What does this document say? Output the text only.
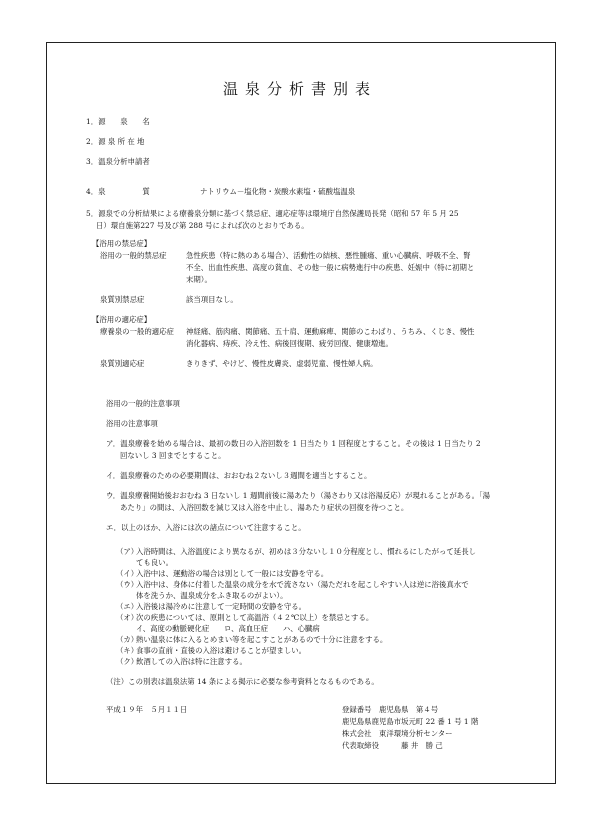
温泉分析書別表
1．源　　泉　　名
2．源 泉 所 在 地
3．温泉分析申請者
4．泉　　　　　質	ナトリウム－塩化物・炭酸水素塩・硫酸塩温泉
5．源泉での分析結果による療養泉分類に基づく禁忌症、適応症等は環境庁自然保護局長発（昭和 57 年 5 月 25
日）環自施第227 号及び第 288 号によれば次のとおりである。
【浴用の禁忌症】
浴用の一般的禁忌症	急性疾患（特に熱のある場合）、活動性の結核、悪性腫瘍、重い心臓病、呼吸不全、腎
不全、出血性疾患、高度の貧血、その他一般に病勢進行中の疾患、妊娠中（特に初期と
末期）。
泉質別禁忌症	該当項目なし。
【浴用の適応症】
療養泉の一般的適応症 神経痛、筋肉痛、関節痛、五十肩、運動麻痺、関節のこわばり、うちみ、くじき、慢性
消化器病、痔疾、冷え性、病後回復期、疲労回復、健康増進。
泉質別適応症	きりきず、やけど、慢性皮膚炎、虚弱児童、慢性婦人病。
浴用の一般的注意事項
浴用の注意事項
ア．温泉療養を始める場合は、最初の数日の入浴回数を 1 日当たり 1 回程度とすること。その後は 1 日当たり 2
回ないし 3 回までとすること。
イ．温泉療養のための必要期間は、おおむね２ないし３週間を適当とすること。
ウ．温泉療養開始後おおむね 3 日ないし 1 週間前後に湯あたり（湯さわり又は浴湯反応）が現れることがある。「湯
あたり」の間は、入浴回数を減じ又は入浴を中止し、湯あたり症状の回復を待つこと。
エ．以上のほか、入浴には次の諸点について注意すること。
（ア）
入浴時間は、入浴温度により異なるが、初めは３分ないし１０分程度とし、慣れるにしたがって延長し
ても良い。
（イ）
入浴中は、運動浴の場合は別として一般には安静を守る。
（ウ）
入浴中は、身体に付着した温泉の成分を水で流さない（湯ただれを起こしやすい人は逆に浴後真水で
体を洗うか、温泉成分をふき取るのがよい）。
（エ）
入浴後は湯冷めに注意して一定時間の安静を守る。
（オ）
次の疾患については、原則として高温浴（４２℃以上）を禁忌とする。
イ、高度の動脈硬化症　　ロ、高血圧症　　ハ、心臓病
（カ）
熱い温泉に体に入るとめまい等を起こすことがあるので十分に注意をする。
（キ）
食事の直前・直後の入浴は避けることが望ましい。
（ク）
飲酒しての入浴は特に注意する。
（注）この別表は温泉法第 14 条による掲示に必要な参考資料となるものである。
平成１９年　５月１１日	登録番号　鹿児島県　第４号
鹿児島県鹿児島市坂元町 22 番 1 号 1 階
株式会社　東洋環境分析センター
代表取締役　　　藤 井　勝 己
